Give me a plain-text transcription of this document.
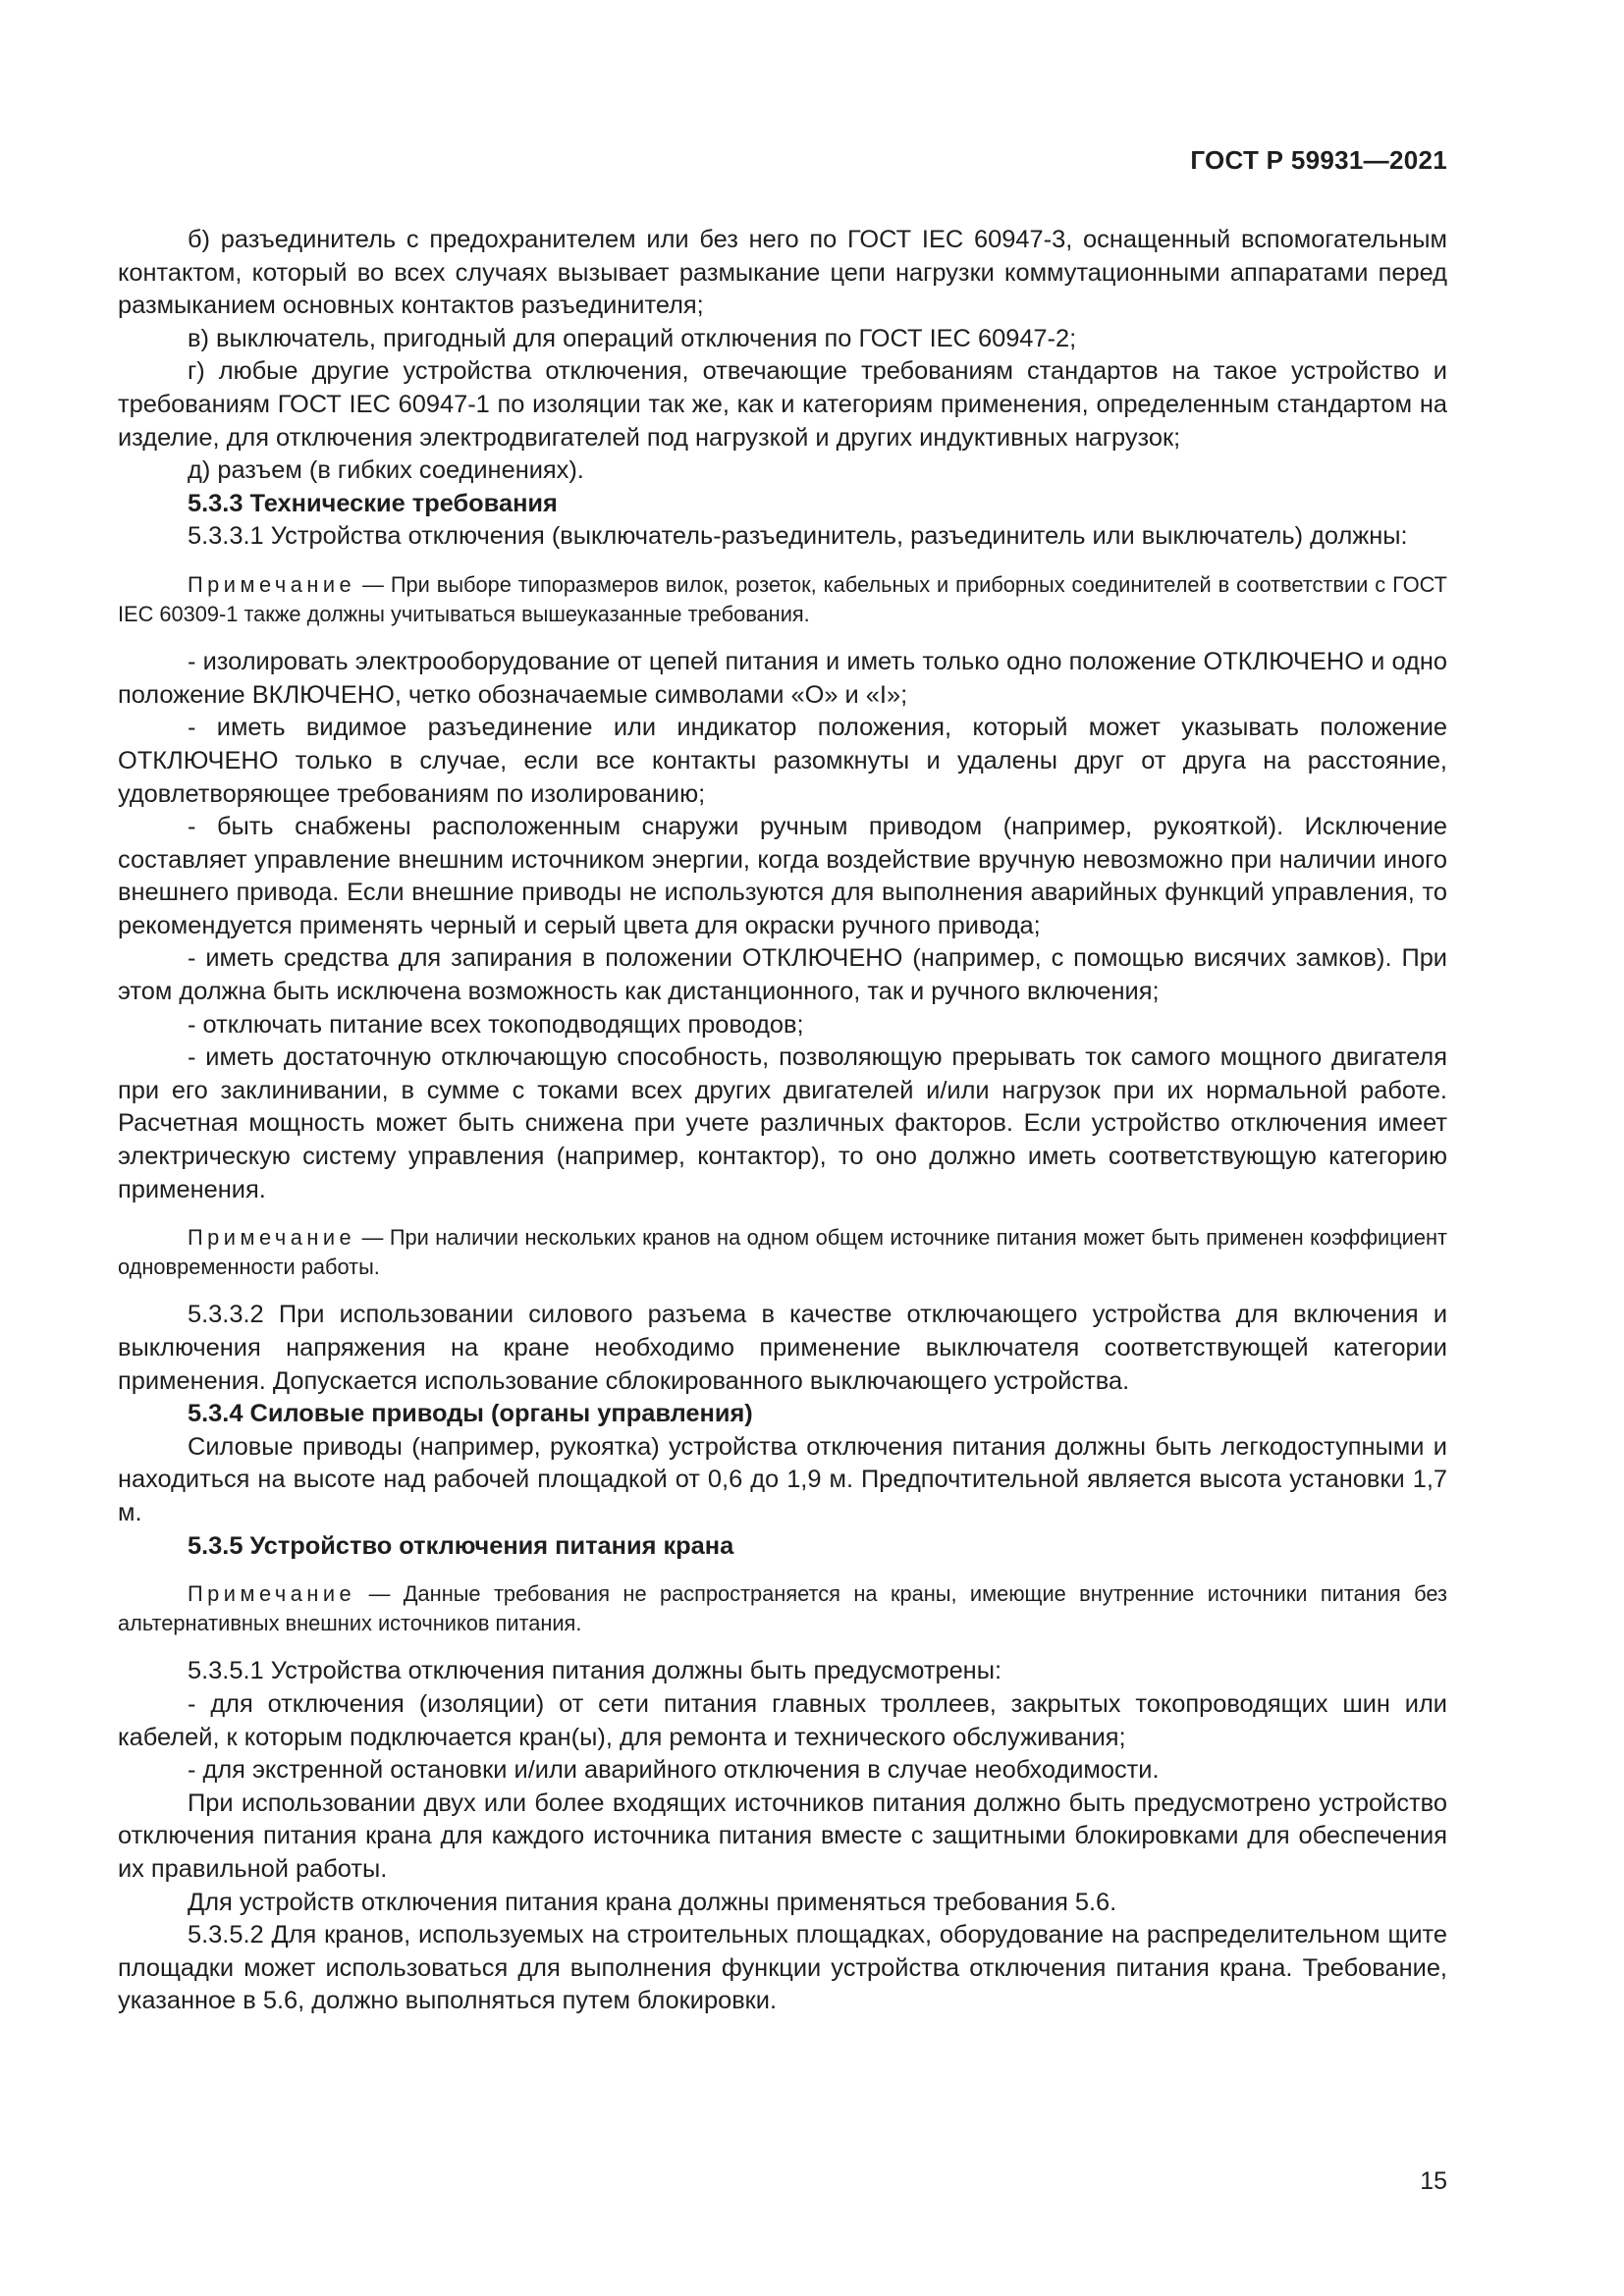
ГОСТ Р 59931—2021

б) разъединитель с предохранителем или без него по ГОСТ IEC 60947-3, оснащенный вспомогательным контактом, который во всех случаях вызывает размыкание цепи нагрузки коммутационными аппаратами перед размыканием основных контактов разъединителя;

в) выключатель, пригодный для операций отключения по ГОСТ IEC 60947-2;

г) любые другие устройства отключения, отвечающие требованиям стандартов на такое устройство и требованиям ГОСТ IEC 60947-1 по изоляции так же, как и категориям применения, определенным стандартом на изделие, для отключения электродвигателей под нагрузкой и других индуктивных нагрузок;

д) разъем (в гибких соединениях).

5.3.3 Технические требования

5.3.3.1 Устройства отключения (выключатель-разъединитель, разъединитель или выключатель) должны:

Примечание — При выборе типоразмеров вилок, розеток, кабельных и приборных соединителей в соответствии с ГОСТ IEC 60309-1 также должны учитываться вышеуказанные требования.

- изолировать электрооборудование от цепей питания и иметь только одно положение ОТКЛЮЧЕНО и одно положение ВКЛЮЧЕНО, четко обозначаемые символами «О» и «I»;

- иметь видимое разъединение или индикатор положения, который может указывать положение ОТКЛЮЧЕНО только в случае, если все контакты разомкнуты и удалены друг от друга на расстояние, удовлетворяющее требованиям по изолированию;

- быть снабжены расположенным снаружи ручным приводом (например, рукояткой). Исключение составляет управление внешним источником энергии, когда воздействие вручную невозможно при наличии иного внешнего привода. Если внешние приводы не используются для выполнения аварийных функций управления, то рекомендуется применять черный и серый цвета для окраски ручного привода;

- иметь средства для запирания в положении ОТКЛЮЧЕНО (например, с помощью висячих замков). При этом должна быть исключена возможность как дистанционного, так и ручного включения;

- отключать питание всех токоподводящих проводов;

- иметь достаточную отключающую способность, позволяющую прерывать ток самого мощного двигателя при его заклинивании, в сумме с токами всех других двигателей и/или нагрузок при их нормальной работе. Расчетная мощность может быть снижена при учете различных факторов. Если устройство отключения имеет электрическую систему управления (например, контактор), то оно должно иметь соответствующую категорию применения.

Примечание — При наличии нескольких кранов на одном общем источнике питания может быть применен коэффициент одновременности работы.

5.3.3.2 При использовании силового разъема в качестве отключающего устройства для включения и выключения напряжения на кране необходимо применение выключателя соответствующей категории применения. Допускается использование сблокированного выключающего устройства.

5.3.4 Силовые приводы (органы управления)

Силовые приводы (например, рукоятка) устройства отключения питания должны быть легкодоступными и находиться на высоте над рабочей площадкой от 0,6 до 1,9 м. Предпочтительной является высота установки 1,7 м.

5.3.5 Устройство отключения питания крана

Примечание — Данные требования не распространяется на краны, имеющие внутренние источники питания без альтернативных внешних источников питания.

5.3.5.1 Устройства отключения питания должны быть предусмотрены:

- для отключения (изоляции) от сети питания главных троллеев, закрытых токопроводящих шин или кабелей, к которым подключается кран(ы), для ремонта и технического обслуживания;

- для экстренной остановки и/или аварийного отключения в случае необходимости.

При использовании двух или более входящих источников питания должно быть предусмотрено устройство отключения питания крана для каждого источника питания вместе с защитными блокировками для обеспечения их правильной работы.

Для устройств отключения питания крана должны применяться требования 5.6.

5.3.5.2 Для кранов, используемых на строительных площадках, оборудование на распределительном щите площадки может использоваться для выполнения функции устройства отключения питания крана. Требование, указанное в 5.6, должно выполняться путем блокировки.

15
